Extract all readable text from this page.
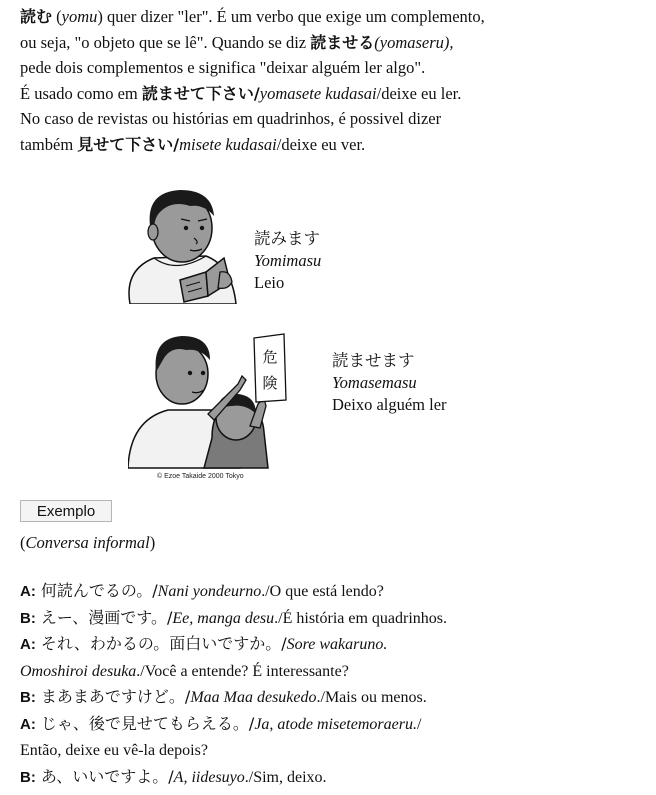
読む (yomu) quer dizer "ler". É um verbo que exige um complemento,
ou seja, "o objeto que se lê". Quando se diz 読ませる(yomaseru),
pede dois complementos e significa "deixar alguém ler algo".
É usado como em 読ませて下さい/yomasete kudasai/deixe eu ler.
No caso de revistas ou histórias em quadrinhos, é possivel dizer
também 見せて下さい/misete kudasai/deixe eu ver.
読みます
Yomimasu
Leio
危
険
© Ezoe Takaide 2000 Tokyo
読ませます
Yomasemasu
Deixo alguém ler
Exemplo
(Conversa informal)
A: 何読んでるの。/Nani yondeurno./O que está lendo?
B: えー、漫画です。/Ee, manga desu./É história em quadrinhos.
A: それ、わかるの。面白いですか。/Sore wakaruno.
Omoshiroi desuka./Você a entende? É interessante?
B: まあまあですけど。/Maa Maa desukedo./Mais ou menos.
A: じゃ、後で見せてもらえる。/Ja, atode misetemoraeru./
Então, deixe eu vê-la depois?
B: あ、いいですよ。/A, iidesuyo./Sim, deixo.
